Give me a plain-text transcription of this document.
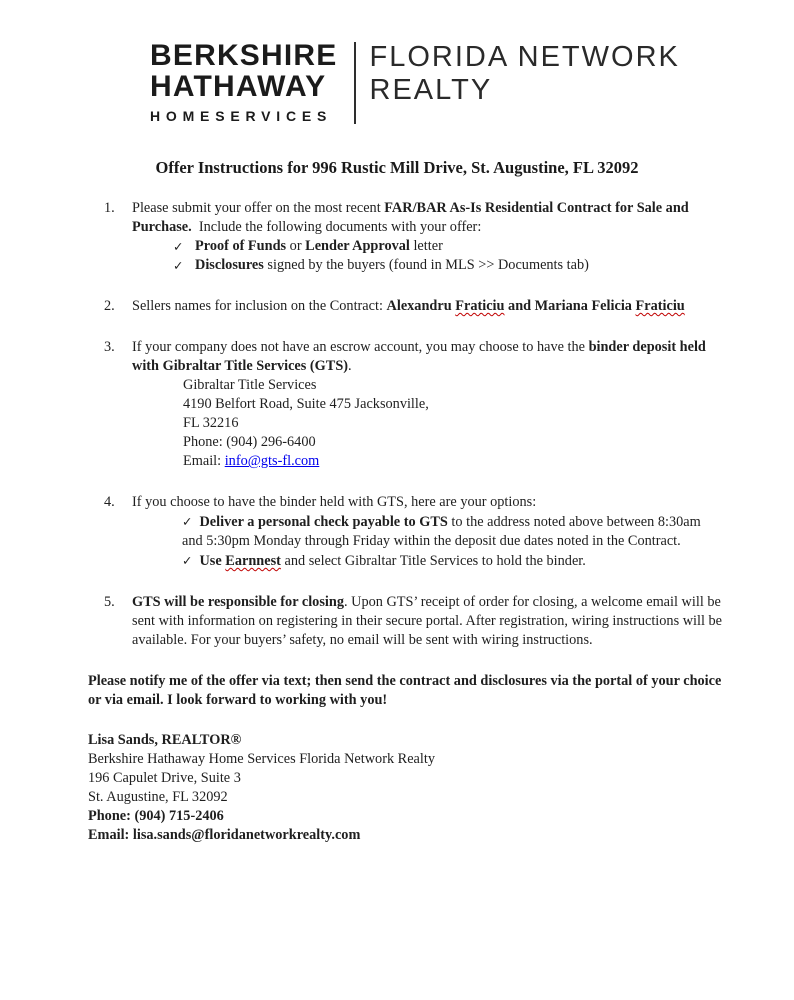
BERKSHIRE
HATHAWAY
HOMESERVICES
FLORIDA NETWORK
REALTY
Offer Instructions for 996 Rustic Mill Drive, St. Augustine, FL 32092
1.	Please submit your offer on the most recent FAR/BAR As-Is Residential Contract for Sale and Purchase.  Include the following documents with your offer:

✓ Proof of Funds or Lender Approval letter

✓ Disclosures signed by the buyers (found in MLS >> Documents tab)

2.	Sellers names for inclusion on the Contract: Alexandru Fraticiu and Mariana Felicia Fraticiu

3.	If your company does not have an escrow account, you may choose to have the binder deposit held with Gibraltar Title Services (GTS).

Gibraltar Title Services
4190 Belfort Road, Suite 475 Jacksonville,
FL 32216
Phone: (904) 296-6400
Email: info@gts-fl.com
4.	If you choose to have the binder held with GTS, here are your options:

✓ Deliver a personal check payable to GTS to the address noted above between 8:30am and 5:30pm Monday through Friday within the deposit due dates noted in the Contract.

✓ Use Earnnest and select Gibraltar Title Services to hold the binder.

5.	GTS will be responsible for closing. Upon GTS’ receipt of order for closing, a welcome email will be sent with information on registering in their secure portal. After registration, wiring instructions will be available. For your buyers’ safety, no email will be sent with wiring instructions.

Please notify me of the offer via text; then send the contract and disclosures via the portal of your choice or via email. I look forward to working with you!

Lisa Sands, REALTOR®
Berkshire Hathaway Home Services Florida Network Realty
196 Capulet Drive, Suite 3
St. Augustine, FL 32092
Phone: (904) 715-2406
Email: lisa.sands@floridanetworkrealty.com
